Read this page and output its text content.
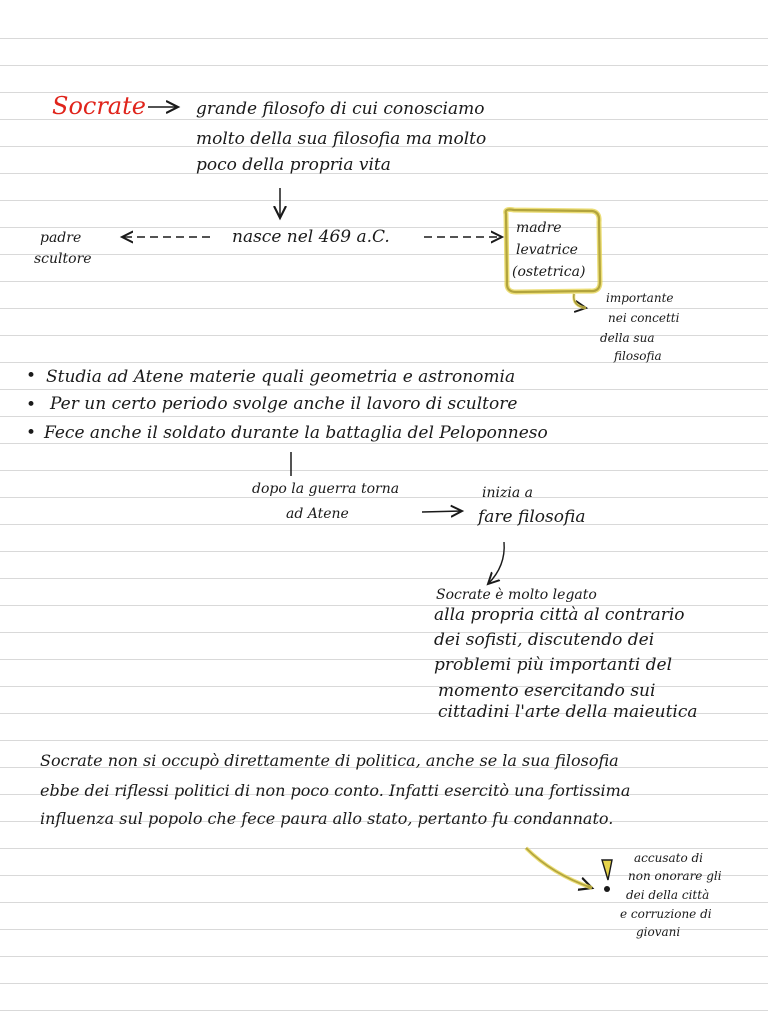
Socrate	grande filosofo di cui conosciamo
molto della sua filosofia ma molto
poco della propria vita
padre
scultore
nasce nel 469 a.C.	madre
levatrice
(ostetrica)
importante
nei concetti
della sua
filosofia
• Studia ad Atene materie quali geometria e astronomia
• Per un certo periodo svolge anche il lavoro di scultore
• Fece anche il soldato durante la battaglia del Peloponneso
dopo la guerra torna
ad Atene
inizia a
fare filosofia
Socrate è molto legato
alla propria città al contrario
dei sofisti, discutendo dei
problemi più importanti del
momento esercitando sui
cittadini l'arte della maieutica
Socrate non si occupò direttamente di politica, anche se la sua filosofia
ebbe dei riflessi politici di non poco conto. Infatti esercitò una fortissima
influenza sul popolo che fece paura allo stato, pertanto fu condannato.
accusato di
non onorare gli
dei della città
e corruzione di
giovani
